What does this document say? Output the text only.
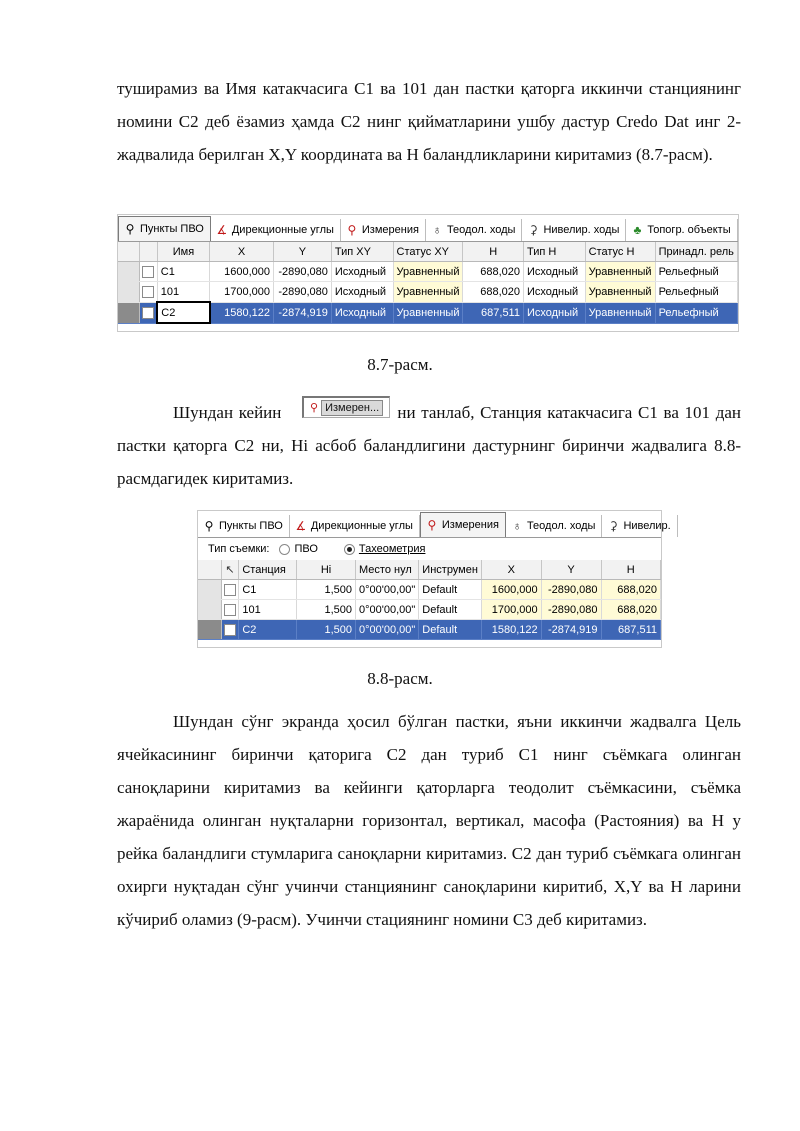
туширамиз ва Имя катакчасига C1 ва 101 дан пастки қаторга иккинчи станциянинг номини C2 деб ёзамиз ҳамда C2 нинг қийматларини ушбу дастур Credo Dat инг 2-жадвалида берилган X,Y координата ва H баландликларини киритамиз (8.7-расм).

⚲ Пункты ПВО ∡ Дирекционные углы ⚲ Измерения ♁ Теодол. ходы ⚳ Нивелир. ходы ♣ Топогр. объекты
		Имя	X	Y	Тип XY	Статус XY	H	Тип H	Статус H	Принадл. рель
		C1	1600,000	-2890,080	Исходный	Уравненный	688,020	Исходный	Уравненный	Рельефный
		101	1700,000	-2890,080	Исходный	Уравненный	688,020	Исходный	Уравненный	Рельефный
		C2	1580,122	-2874,919	Исходный	Уравненный	687,511	Исходный	Уравненный	Рельефный
8.7-расм.

Шундан кейин	ни танлаб, Станция катакчасига C1 ва 101 дан пастки қаторга C2 ни, Hi асбоб баландлигини дастурнинг биринчи жадвалига 8.8-расмдагидек киритамиз.

⚲ Измерен...
⚲ Пункты ПВО ∡ Дирекционные углы ⚲ Измерения ♁ Теодол. ходы ⚳ Нивелир.
Тип съемки: ПВО	Тахеометрия
	↖	Станция	Hi	Место нул	Инструмен	X	Y	H
		C1	1,500	0°00'00,00"	Default	1600,000	-2890,080	688,020
		101	1,500	0°00'00,00"	Default	1700,000	-2890,080	688,020
		C2	1,500	0°00'00,00"	Default	1580,122	-2874,919	687,511
8.8-расм.

Шундан сўнг экранда ҳосил бўлган пастки, яъни иккинчи жадвалга Цель ячейкасининг биринчи қаторига C2 дан туриб C1 нинг съёмкага олинган саноқларини киритамиз ва кейинги қаторларга теодолит съёмкасини, съёмка жараёнида олинган нуқталарни горизонтал, вертикал, масофа (Растояния) ва H у рейка баландлиги стумларига саноқларни киритамиз. C2 дан туриб съёмкага олинган охирги нуқтадан сўнг учинчи станциянинг саноқларини киритиб, X,Y ва H ларини кўчириб оламиз (9-расм). Учинчи стациянинг номини C3 деб киритамиз.
